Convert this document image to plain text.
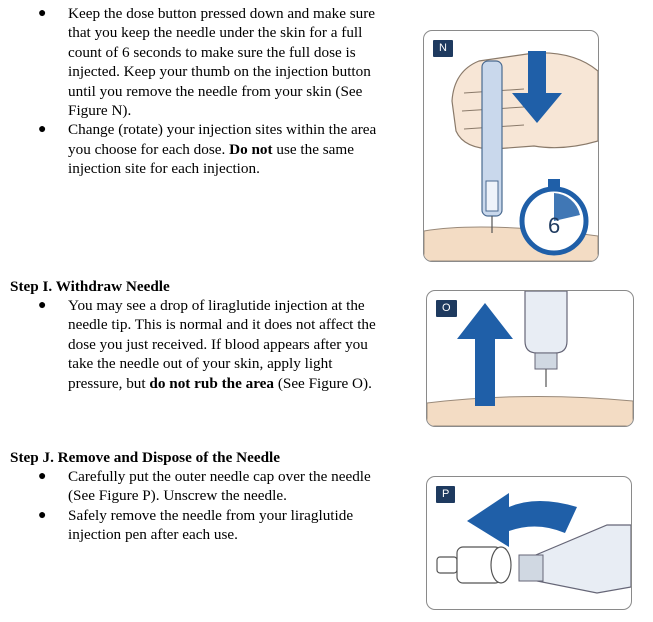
● Keep the dose button pressed down and make sure that you keep the needle under the skin for a full count of 6 seconds to make sure the full dose is injected. Keep your thumb on the injection button until you remove the needle from your skin (See Figure N).
● Change (rotate) your injection sites within the area you choose for each dose. Do not use the same injection site for each injection.
6
N
Step I. Withdraw Needle
● You may see a drop of liraglutide injection at the needle tip. This is normal and it does not affect the dose you just received. If blood appears after you take the needle out of your skin, apply light pressure, but do not rub the area (See Figure O).
O
Step J. Remove and Dispose of the Needle
● Carefully put the outer needle cap over the needle (See Figure P). Unscrew the needle.
● Safely remove the needle from your liraglutide injection pen after each use.
P
